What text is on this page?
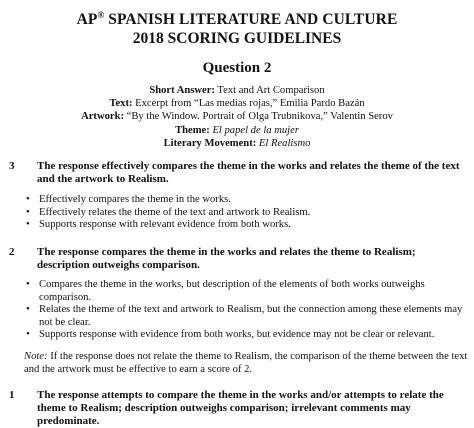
AP® SPANISH LITERATURE AND CULTURE
2018 SCORING GUIDELINES
Question 2
Short Answer: Text and Art Comparison
Text: Excerpt from “Las medias rojas,” Emilia Pardo Bazán
Artwork: “By the Window. Portrait of Olga Trubnikova,” Valentin Serov
Theme: El papel de la mujer
Literary Movement: El Realismo
3 The response effectively compares the theme in the works and relates the theme of the text and the artwork to Realism.
• Effectively compares the theme in the works.
• Effectively relates the theme of the text and artwork to Realism.
• Supports response with relevant evidence from both works.
2 The response compares the theme in the works and relates the theme to Realism; description outweighs comparison.
• Compares the theme in the works, but description of the elements of both works outweighs comparison.
• Relates the theme of the text and artwork to Realism, but the connection among these elements may not be clear.
• Supports response with evidence from both works, but evidence may not be clear or relevant.
Note: If the response does not relate the theme to Realism, the comparison of the theme between the text and the artwork must be effective to earn a score of 2.
1 The response attempts to compare the theme in the works and/or attempts to relate the theme to Realism; description outweighs comparison; irrelevant comments may predominate.
